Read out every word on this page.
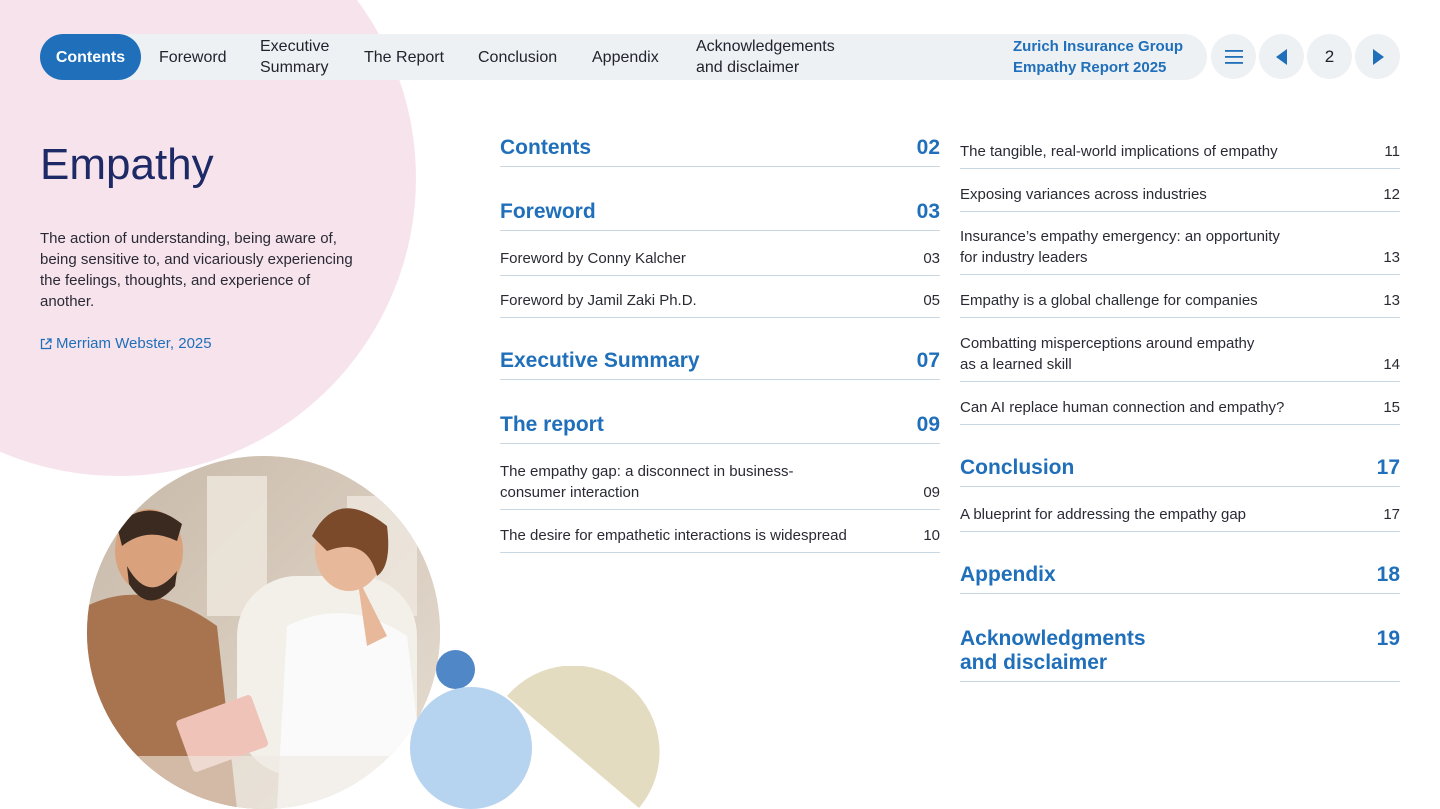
Contents	Foreword
Executive
Summary
The Report Conclusion Appendix
Acknowledgements
and disclaimer
Zurich Insurance Group
Empathy Report 2025
2
Empathy

The action of understanding, being aware of, being sensitive to, and vicariously experiencing the feelings, thoughts, and experience of another.

Merriam Webster, 2025
Contents	02
Foreword	03
Foreword by Conny Kalcher	03
Foreword by Jamil Zaki Ph.D.	05
Executive Summary	07
The report	09
The empathy gap: a disconnect in business-
consumer interaction	09
The desire for empathetic interactions is widespread	10
The tangible, real-world implications of empathy	11
Exposing variances across industries	12
Insurance’s empathy emergency: an opportunity
for industry leaders	13
Empathy is a global challenge for companies	13
Combatting misperceptions around empathy
as a learned skill	14
Can AI replace human connection and empathy?	15
Conclusion	17
A blueprint for addressing the empathy gap	17
Appendix	18
Acknowledgments
and disclaimer
19
